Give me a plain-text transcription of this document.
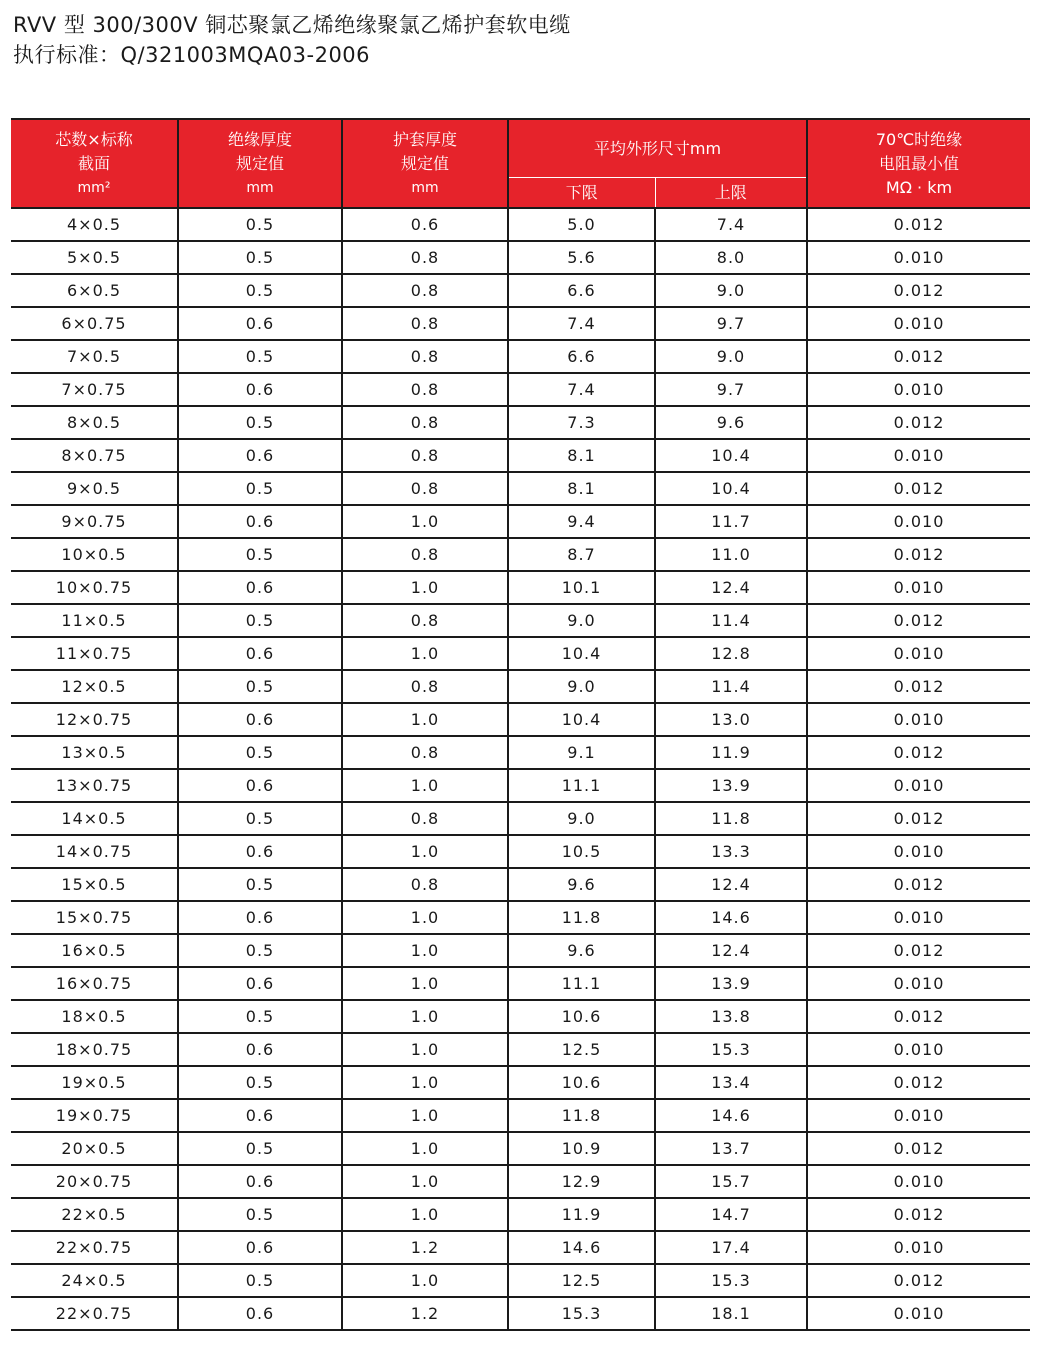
RVV 型 300/300V 铜芯聚氯乙烯绝缘聚氯乙烯护套软电缆
执行标准：Q/321003MQA03-2006
芯数×标称
截面
mm²	绝缘厚度
规定值
mm	护套厚度
规定值
mm	平均外形尺寸mm		70℃时绝缘
电阻最小值
MΩ · km

			下限	上限	
4×0.5	0.5	0.6	5.0	7.4	0.012
5×0.5	0.5	0.8	5.6	8.0	0.010
6×0.5	0.5	0.8	6.6	9.0	0.012
6×0.75	0.6	0.8	7.4	9.7	0.010
7×0.5	0.5	0.8	6.6	9.0	0.012
7×0.75	0.6	0.8	7.4	9.7	0.010
8×0.5	0.5	0.8	7.3	9.6	0.012
8×0.75	0.6	0.8	8.1	10.4	0.010
9×0.5	0.5	0.8	8.1	10.4	0.012
9×0.75	0.6	1.0	9.4	11.7	0.010
10×0.5	0.5	0.8	8.7	11.0	0.012
10×0.75	0.6	1.0	10.1	12.4	0.010
11×0.5	0.5	0.8	9.0	11.4	0.012
11×0.75	0.6	1.0	10.4	12.8	0.010
12×0.5	0.5	0.8	9.0	11.4	0.012
12×0.75	0.6	1.0	10.4	13.0	0.010
13×0.5	0.5	0.8	9.1	11.9	0.012
13×0.75	0.6	1.0	11.1	13.9	0.010
14×0.5	0.5	0.8	9.0	11.8	0.012
14×0.75	0.6	1.0	10.5	13.3	0.010
15×0.5	0.5	0.8	9.6	12.4	0.012
15×0.75	0.6	1.0	11.8	14.6	0.010
16×0.5	0.5	1.0	9.6	12.4	0.012
16×0.75	0.6	1.0	11.1	13.9	0.010
18×0.5	0.5	1.0	10.6	13.8	0.012
18×0.75	0.6	1.0	12.5	15.3	0.010
19×0.5	0.5	1.0	10.6	13.4	0.012
19×0.75	0.6	1.0	11.8	14.6	0.010
20×0.5	0.5	1.0	10.9	13.7	0.012
20×0.75	0.6	1.0	12.9	15.7	0.010
22×0.5	0.5	1.0	11.9	14.7	0.012
22×0.75	0.6	1.2	14.6	17.4	0.010
24×0.5	0.5	1.0	12.5	15.3	0.012
22×0.75	0.6	1.2	15.3	18.1	0.010
